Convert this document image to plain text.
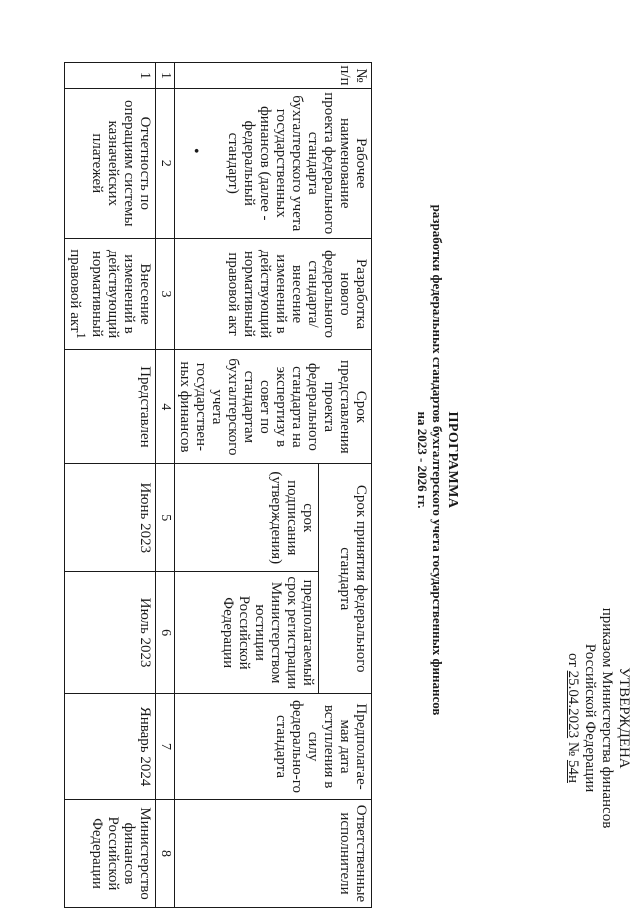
УТВЕРЖДЕНА
приказом Министерства финансов
Российской Федерации
от 25.04.2023 № 54н
ПРОГРАММА
разработки федеральных стандартов бухгалтерского учета государственных финансов
на 2023 - 2026 гг.
•
№ п/п	Рабочее наименование проекта федерального стандарта бухгалтерского учета государственных финансов (далее - федеральный стандарт)	Разработка нового федерального стандарта/ внесение изменений в действующий нормативный правовой акт	Срок представления проекта федерального стандарта на экспертизу в совет по стандартам бухгалтерского учета государствен-ных финансов	Срок принятия федерального стандарта		Предполагае-мая дата вступления в силу федерально-го стандарта	Ответственные исполнители
				срок подписания (утверждения)	предполагаемый срок регистрации Министерством юстиции Российской Федерации		
1	2	3	4	5	6	7	8
1	Отчетность по операциям системы казначейских платежей	Внесение изменений в действующий нормативный правовой акт$^1$	Представлен	Июнь 2023	Июль 2023	Январь 2024	Министерство финансов Российской Федерации
